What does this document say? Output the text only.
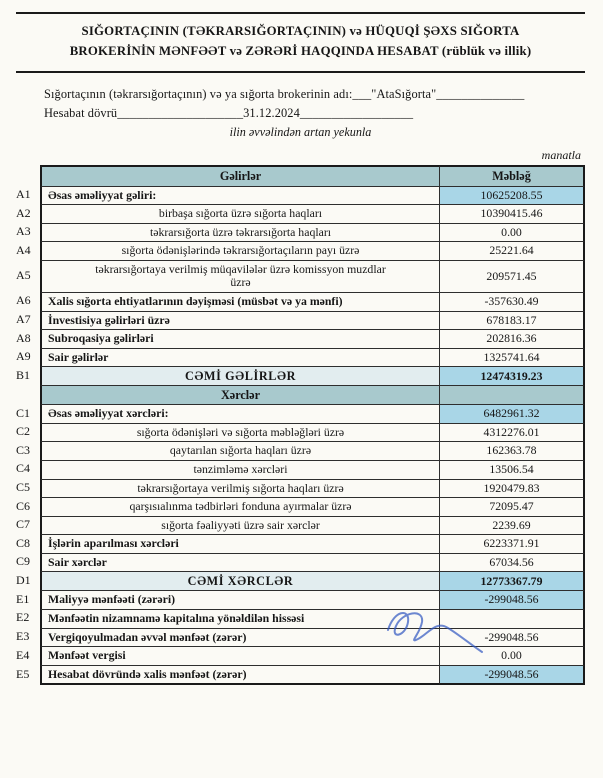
SIĞORTAÇININ (TƏKRARSIĞORTAÇININ) və HÜQUQİ ŞƏXS SIĞORTA
BROKERİNİN MƏNFƏƏT və ZƏRƏRİ HAQQINDA HESABAT (rüblük və illik)
Sığortaçının (təkrarsığortaçının) və ya sığorta brokerinin adı:___"AtaSığorta"______________
Hesabat dövrü____________________31.12.2024__________________
ilin əvvəlindən artan yekunla
manatla
Gəlirlər	Məbləğ
A1	Əsas əməliyyat gəliri:	10625208.55
A2	birbaşa sığorta üzrə sığorta haqları	10390415.46
A3	təkrarsığorta üzrə təkrarsığorta haqları	0.00
A4	sığorta ödənişlərində təkrarsığortaçıların payı üzrə	25221.64
A5	təkrarsığortaya verilmiş müqavilələr üzrə komissyon muzdlar üzrə	209571.45
A6	Xalis sığorta ehtiyatlarının dəyişməsi (müsbət və ya mənfi)	-357630.49
A7	İnvestisiya gəlirləri üzrə	678183.17
A8	Subroqasiya gəlirləri	202816.36
A9	Sair gəlirlər	1325741.64
B1	CƏMİ GƏLİRLƏR	12474319.23
Xərclər
C1	Əsas əməliyyat xərcləri:	6482961.32
C2	sığorta ödənişləri və sığorta məbləğləri üzrə	4312276.01
C3	qaytarılan sığorta haqları üzrə	162363.78
C4	tənzimləmə xərcləri	13506.54
C5	təkrarsığortaya verilmiş sığorta haqları üzrə	1920479.83
C6	qarşısıalınma tədbirləri fonduna ayırmalar üzrə	72095.47
C7	sığorta fəaliyyəti üzrə sair xərclər	2239.69
C8	İşlərin aparılması xərcləri	6223371.91
C9	Sair xərclər	67034.56
D1	CƏMİ XƏRCLƏR	12773367.79
E1	Maliyyə mənfəəti (zərəri)	-299048.56
E2	Mənfəətin nizamnamə kapitalına yönəldilən hissəsi
E3	Vergiqoyulmadan əvvəl mənfəət (zərər)	-299048.56
E4	Mənfəət vergisi	0.00
E5	Hesabat dövründə xalis mənfəət (zərər)	-299048.56
